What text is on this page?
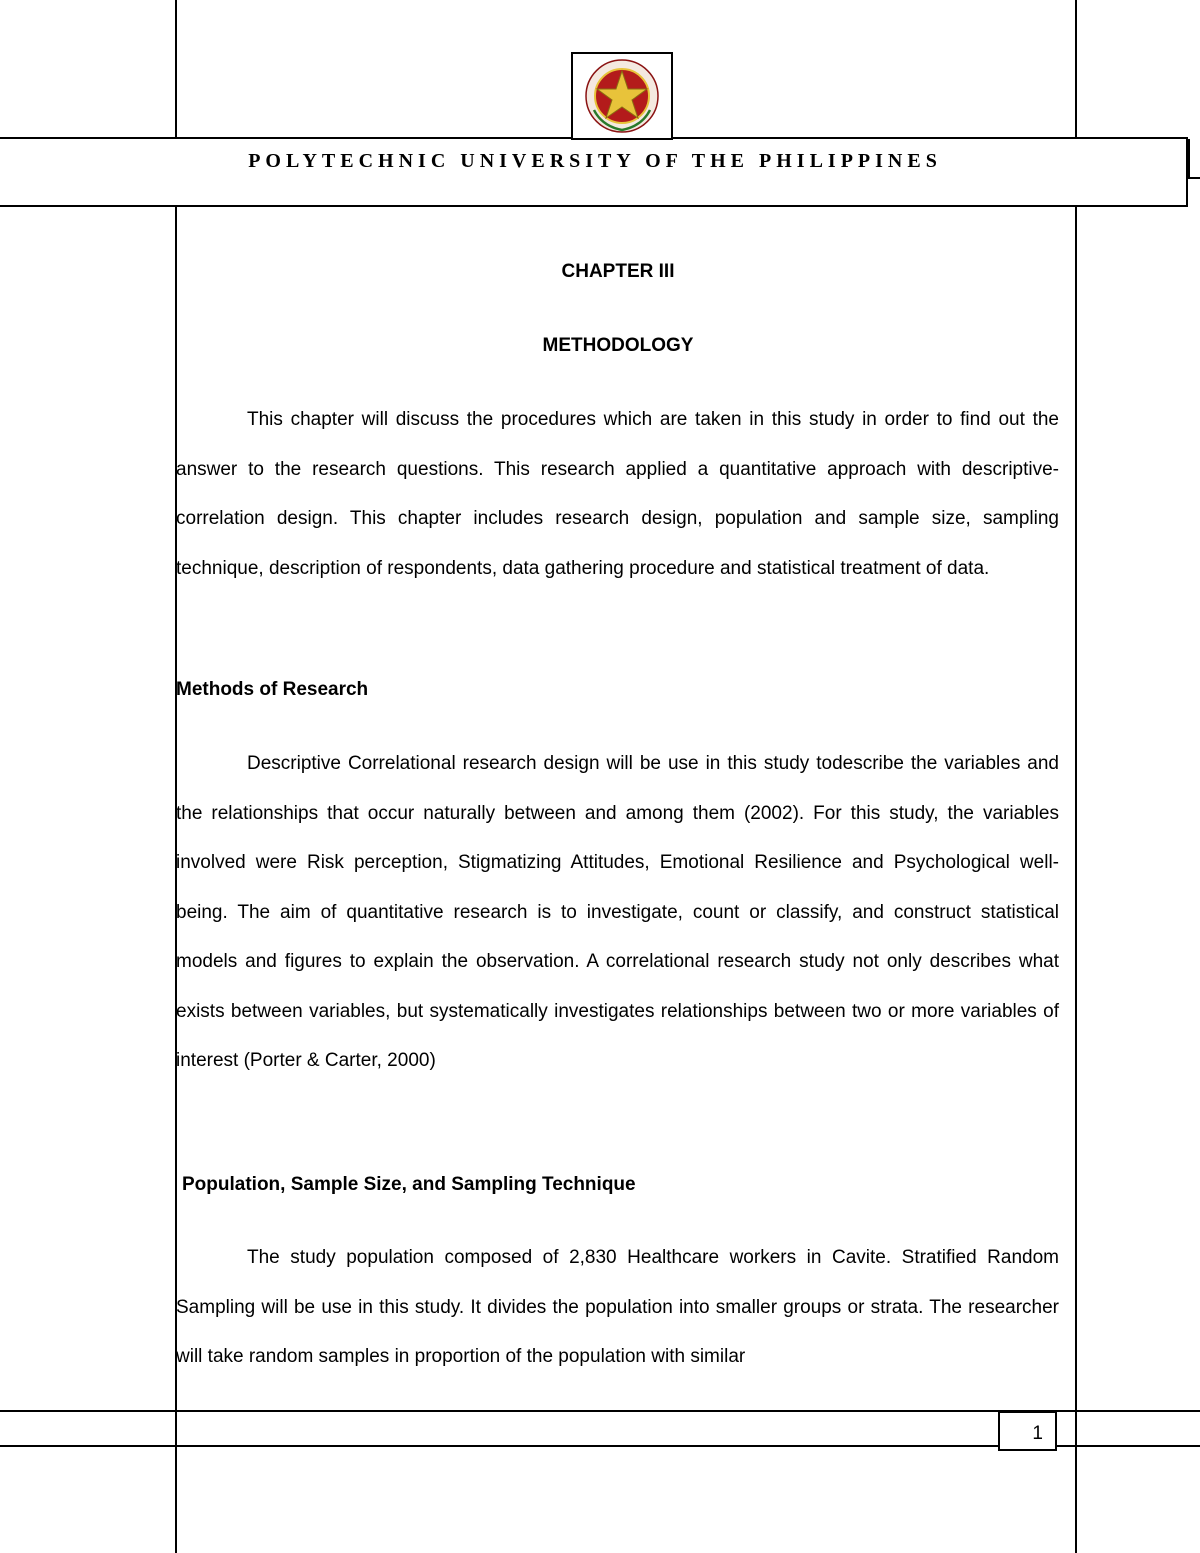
POLYTECHNIC UNIVERSITY OF THE PHILIPPINES
CHAPTER III
METHODOLOGY

This chapter will discuss the procedures which are taken in this study in order to find out the answer to the research questions. This research applied a quantitative approach with descriptive-correlation design. This chapter includes research design, population and sample size, sampling technique, description of respondents, data gathering procedure and statistical treatment of data.

Methods of Research

Descriptive Correlational research design will be use in this study todescribe the variables and the relationships that occur naturally between and among them (2002). For this study, the variables involved were Risk perception, Stigmatizing Attitudes, Emotional Resilience and Psychological well-being. The aim of quantitative research is to investigate, count or classify, and construct statistical models and figures to explain the observation. A correlational research study not only describes what exists between variables, but systematically investigates relationships between two or more variables of interest (Porter & Carter, 2000)

Population, Sample Size, and Sampling Technique

The study population composed of 2,830 Healthcare workers in Cavite. Stratified Random Sampling will be use in this study. It divides the population into smaller groups or strata. The researcher will take random samples in proportion of the population with similar

1
